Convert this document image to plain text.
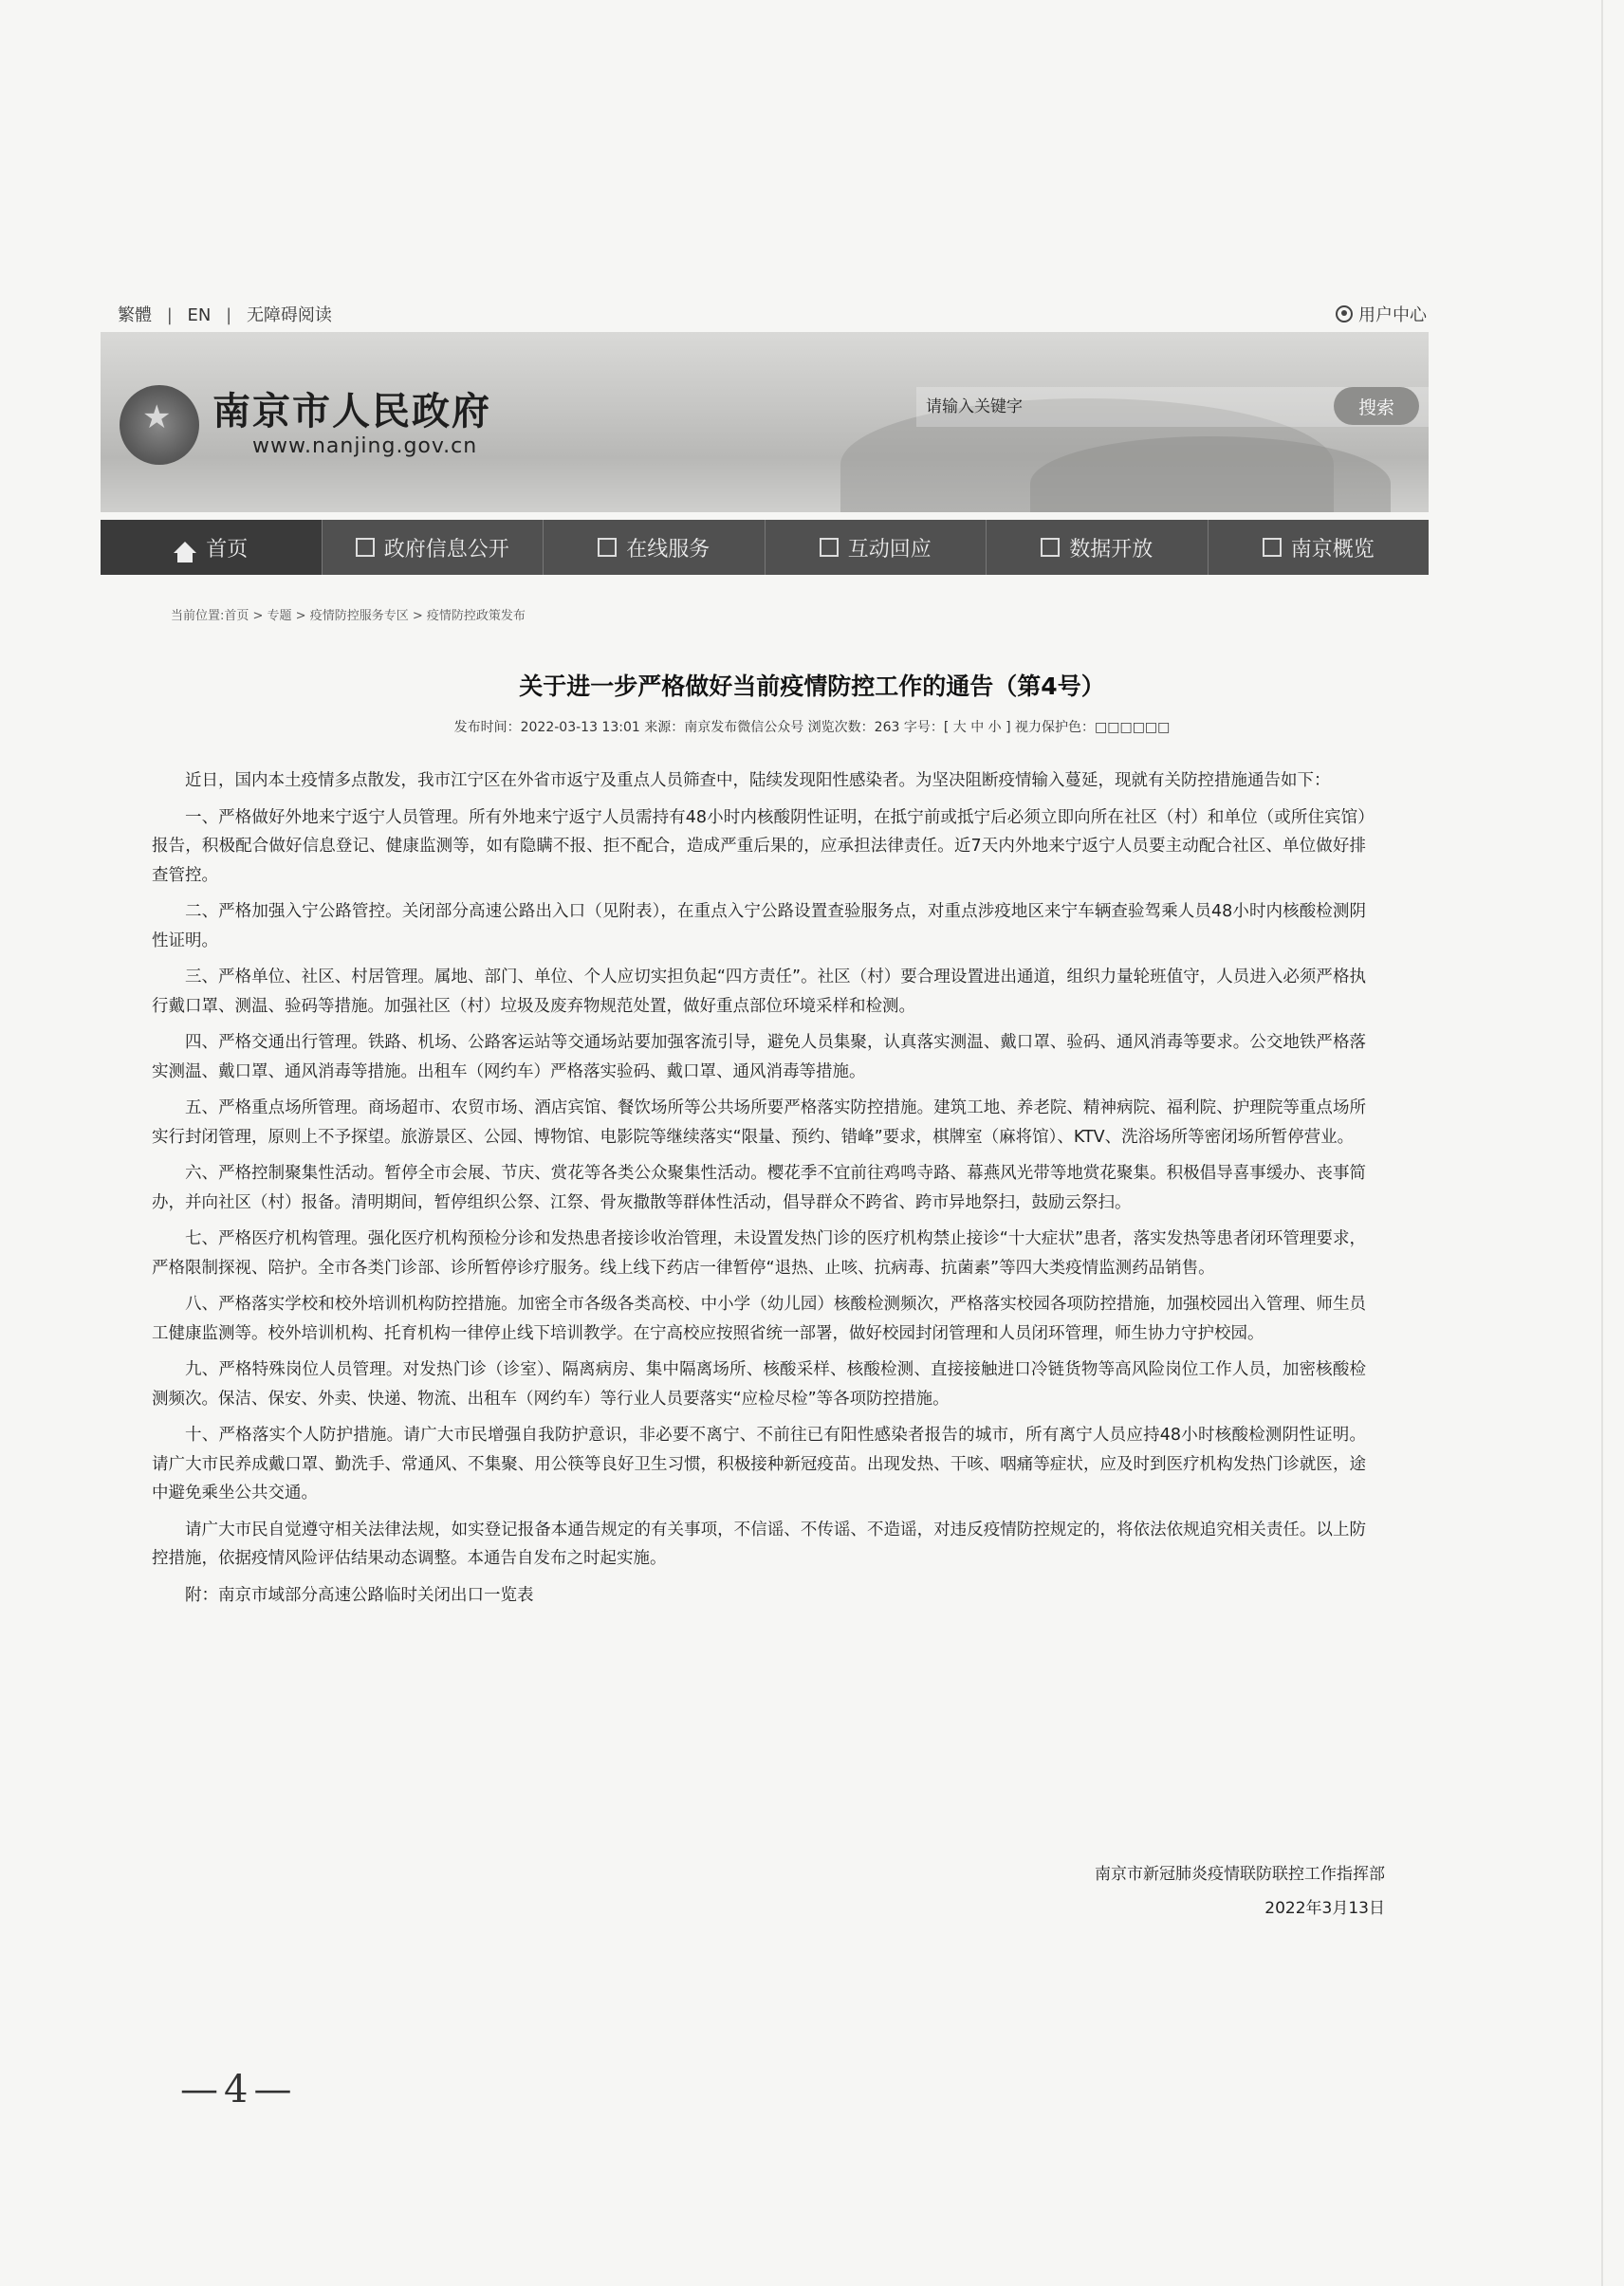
繁體 | EN | 无障碍阅读	用户中心
★
南京市人民政府
www.nanjing.gov.cn
请输入关键字
搜索
首页	政府信息公开	在线服务	互动回应	数据开放	南京概览
当前位置:首页 > 专题 > 疫情防控服务专区 > 疫情防控政策发布
关于进一步严格做好当前疫情防控工作的通告（第4号）
发布时间：2022-03-13 13:01 来源：南京发布微信公众号 浏览次数：263 字号：[ 大 中 小 ] 视力保护色：□□□□□□

近日，国内本土疫情多点散发，我市江宁区在外省市返宁及重点人员筛查中，陆续发现阳性感染者。为坚决阻断疫情输入蔓延，现就有关防控措施通告如下：

一、严格做好外地来宁返宁人员管理。所有外地来宁返宁人员需持有48小时内核酸阴性证明，在抵宁前或抵宁后必须立即向所在社区（村）和单位（或所住宾馆）报告，积极配合做好信息登记、健康监测等，如有隐瞒不报、拒不配合，造成严重后果的，应承担法律责任。近7天内外地来宁返宁人员要主动配合社区、单位做好排查管控。

二、严格加强入宁公路管控。关闭部分高速公路出入口（见附表），在重点入宁公路设置查验服务点，对重点涉疫地区来宁车辆查验驾乘人员48小时内核酸检测阴性证明。

三、严格单位、社区、村居管理。属地、部门、单位、个人应切实担负起“四方责任”。社区（村）要合理设置进出通道，组织力量轮班值守，人员进入必须严格执行戴口罩、测温、验码等措施。加强社区（村）垃圾及废弃物规范处置，做好重点部位环境采样和检测。

四、严格交通出行管理。铁路、机场、公路客运站等交通场站要加强客流引导，避免人员集聚，认真落实测温、戴口罩、验码、通风消毒等要求。公交地铁严格落实测温、戴口罩、通风消毒等措施。出租车（网约车）严格落实验码、戴口罩、通风消毒等措施。

五、严格重点场所管理。商场超市、农贸市场、酒店宾馆、餐饮场所等公共场所要严格落实防控措施。建筑工地、养老院、精神病院、福利院、护理院等重点场所实行封闭管理，原则上不予探望。旅游景区、公园、博物馆、电影院等继续落实“限量、预约、错峰”要求，棋牌室（麻将馆）、KTV、洗浴场所等密闭场所暂停营业。

六、严格控制聚集性活动。暂停全市会展、节庆、赏花等各类公众聚集性活动。樱花季不宜前往鸡鸣寺路、幕燕风光带等地赏花聚集。积极倡导喜事缓办、丧事简办，并向社区（村）报备。清明期间，暂停组织公祭、江祭、骨灰撒散等群体性活动，倡导群众不跨省、跨市异地祭扫，鼓励云祭扫。

七、严格医疗机构管理。强化医疗机构预检分诊和发热患者接诊收治管理，未设置发热门诊的医疗机构禁止接诊“十大症状”患者，落实发热等患者闭环管理要求，严格限制探视、陪护。全市各类门诊部、诊所暂停诊疗服务。线上线下药店一律暂停“退热、止咳、抗病毒、抗菌素”等四大类疫情监测药品销售。

八、严格落实学校和校外培训机构防控措施。加密全市各级各类高校、中小学（幼儿园）核酸检测频次，严格落实校园各项防控措施，加强校园出入管理、师生员工健康监测等。校外培训机构、托育机构一律停止线下培训教学。在宁高校应按照省统一部署，做好校园封闭管理和人员闭环管理，师生协力守护校园。

九、严格特殊岗位人员管理。对发热门诊（诊室）、隔离病房、集中隔离场所、核酸采样、核酸检测、直接接触进口冷链货物等高风险岗位工作人员，加密核酸检测频次。保洁、保安、外卖、快递、物流、出租车（网约车）等行业人员要落实“应检尽检”等各项防控措施。

十、严格落实个人防护措施。请广大市民增强自我防护意识，非必要不离宁、不前往已有阳性感染者报告的城市，所有离宁人员应持48小时核酸检测阴性证明。请广大市民养成戴口罩、勤洗手、常通风、不集聚、用公筷等良好卫生习惯，积极接种新冠疫苗。出现发热、干咳、咽痛等症状，应及时到医疗机构发热门诊就医，途中避免乘坐公共交通。

请广大市民自觉遵守相关法律法规，如实登记报备本通告规定的有关事项，不信谣、不传谣、不造谣，对违反疫情防控规定的，将依法依规追究相关责任。以上防控措施，依据疫情风险评估结果动态调整。本通告自发布之时起实施。

附：南京市域部分高速公路临时关闭出口一览表

南京市新冠肺炎疫情联防联控工作指挥部
2022年3月13日
—4—
